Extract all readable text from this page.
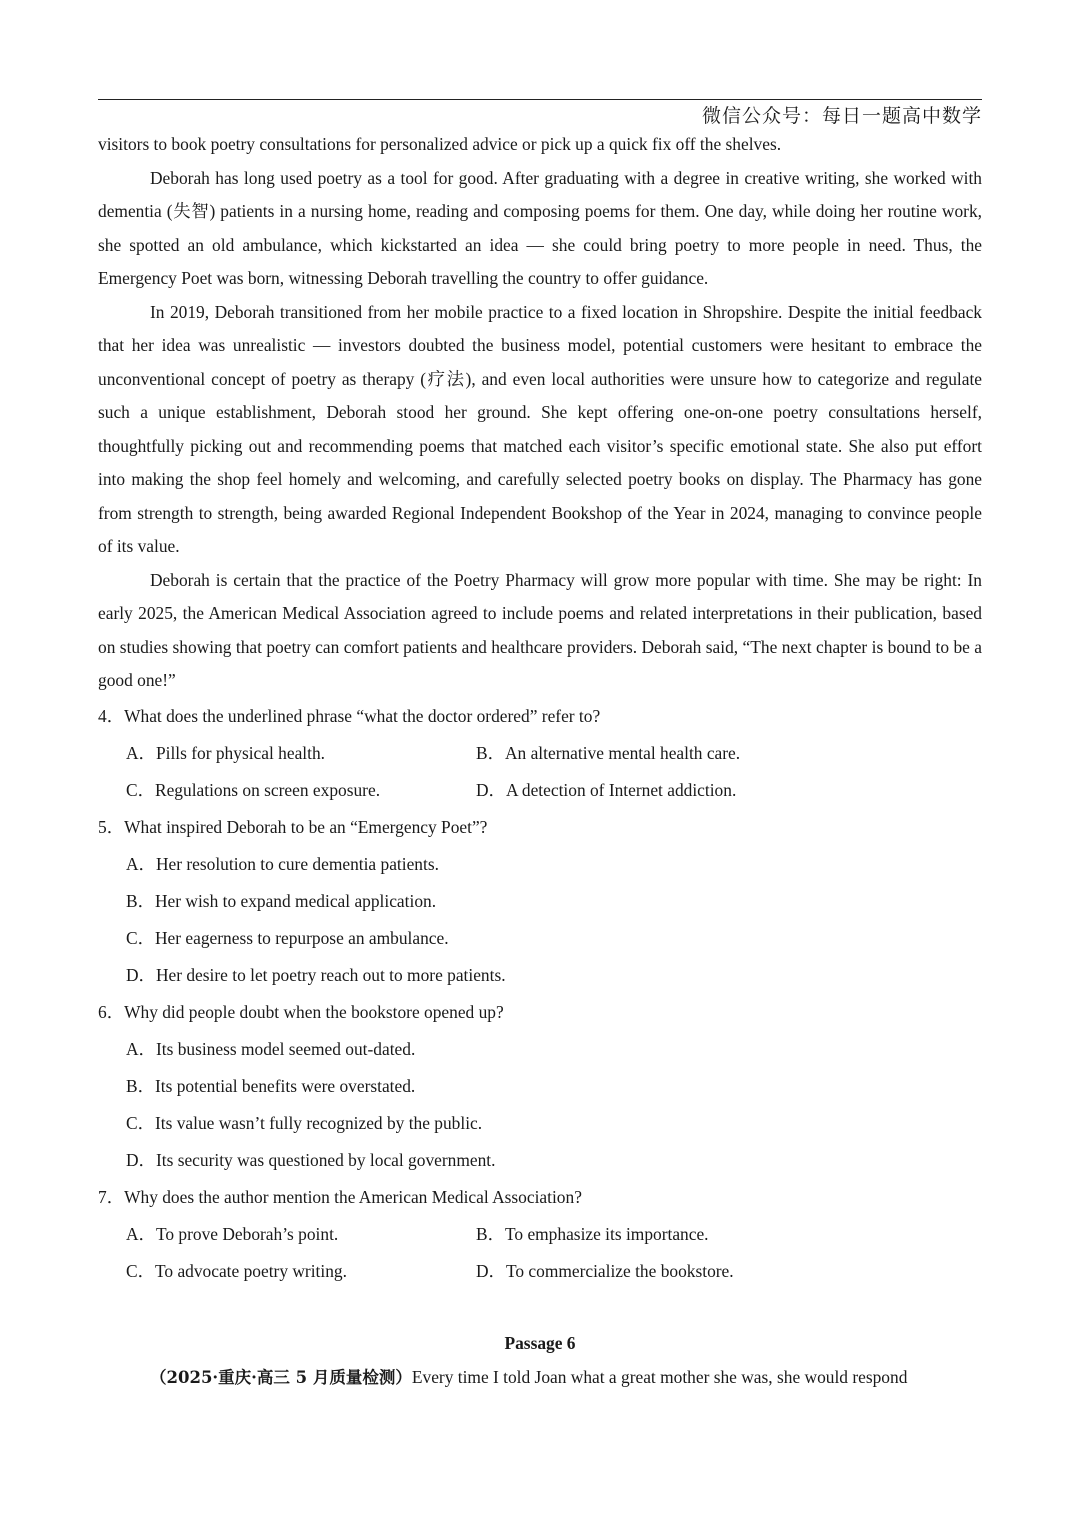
微信公众号：每日一题高中数学

visitors to book poetry consultations for personalized advice or pick up a quick fix off the shelves.

Deborah has long used poetry as a tool for good. After graduating with a degree in creative writing, she worked with dementia (失智) patients in a nursing home, reading and composing poems for them. One day, while doing her routine work, she spotted an old ambulance, which kickstarted an idea — she could bring poetry to more people in need. Thus, the Emergency Poet was born, witnessing Deborah travelling the country to offer guidance.

In 2019, Deborah transitioned from her mobile practice to a fixed location in Shropshire. Despite the initial feedback that her idea was unrealistic — investors doubted the business model, potential customers were hesitant to embrace the unconventional concept of poetry as therapy (疗法), and even local authorities were unsure how to categorize and regulate such a unique establishment, Deborah stood her ground. She kept offering one-on-one poetry consultations herself, thoughtfully picking out and recommending poems that matched each visitor’s specific emotional state. She also put effort into making the shop feel homely and welcoming, and carefully selected poetry books on display. The Pharmacy has gone from strength to strength, being awarded Regional Independent Bookshop of the Year in 2024, managing to convince people of its value.

Deborah is certain that the practice of the Poetry Pharmacy will grow more popular with time. She may be right: In early 2025, the American Medical Association agreed to include poems and related interpretations in their publication, based on studies showing that poetry can comfort patients and healthcare providers. Deborah said, “The next chapter is bound to be a good one!”

4．What does the underlined phrase “what the doctor ordered” refer to?
A．Pills for physical health.	B．An alternative mental health care.
C．Regulations on screen exposure.	D．A detection of Internet addiction.
5．What inspired Deborah to be an “Emergency Poet”?
A．Her resolution to cure dementia patients.
B．Her wish to expand medical application.
C．Her eagerness to repurpose an ambulance.
D．Her desire to let poetry reach out to more patients.
6．Why did people doubt when the bookstore opened up?
A．Its business model seemed out-dated.
B．Its potential benefits were overstated.
C．Its value wasn’t fully recognized by the public.
D．Its security was questioned by local government.
7．Why does the author mention the American Medical Association?
A．To prove Deborah’s point.	B．To emphasize its importance.
C．To advocate poetry writing.	D．To commercialize the bookstore.
Passage 6
（2025·重庆·高三 5 月质量检测）Every time I told Joan what a great mother she was, she would respond
